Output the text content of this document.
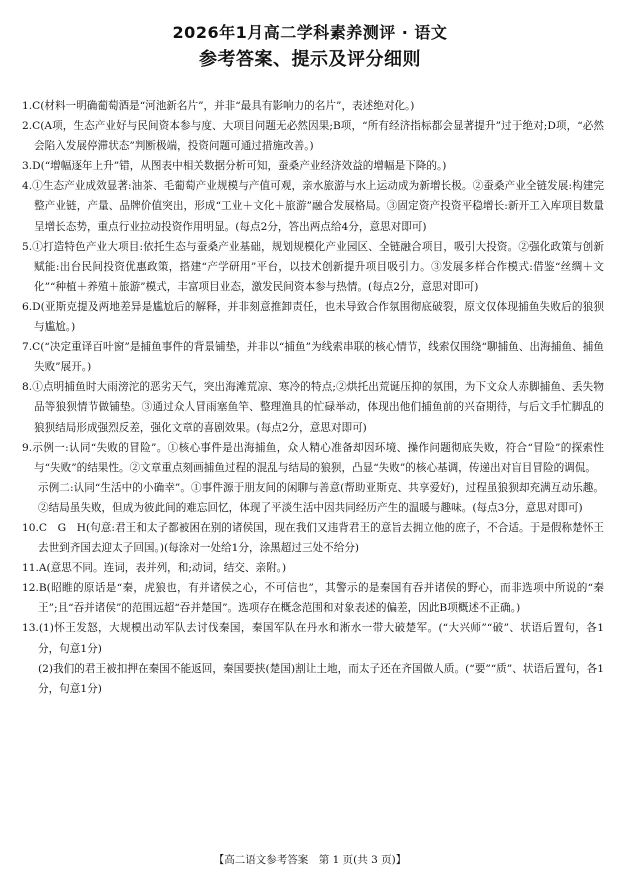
2026年1月高二学科素养测评 · 语文
参考答案、提示及评分细则

1.C(材料一明确葡萄酒是“河池新名片”，并非“最具有影响力的名片”，表述绝对化。)

2.C(A项，生态产业好与民间资本参与度、大项目问题无必然因果;B项，“所有经济指标都会显著提升”过于绝对;D项，“必然会陷入发展停滞状态”判断极端，投资问题可通过措施改善。)

3.D(“增幅逐年上升”错，从图表中相关数据分析可知，蚕桑产业经济效益的增幅是下降的。)

4.①生态产业成效显著:油茶、毛葡萄产业规模与产值可观，亲水旅游与水上运动成为新增长极。②蚕桑产业全链发展:构建完整产业链，产量、品牌价值突出，形成“工业＋文化＋旅游”融合发展格局。③固定资产投资平稳增长:新开工入库项目数量呈增长态势，重点行业拉动投资作用明显。(每点2分，答出两点给4分，意思对即可)

5.①打造特色产业大项目:依托生态与蚕桑产业基础，规划规模化产业园区、全链融合项目，吸引大投资。②强化政策与创新赋能:出台民间投资优惠政策，搭建“产学研用”平台，以技术创新提升项目吸引力。③发展多样合作模式:借鉴“丝绸＋文化”“种植＋养殖＋旅游”模式，丰富项目业态，激发民间资本参与热情。(每点2分，意思对即可)

6.D(亚斯克提及两地差异是尴尬后的解释，并非刻意推卸责任，也未导致合作氛围彻底破裂，原文仅体现捕鱼失败后的狼狈与尴尬。)

7.C(“决定重译百叶窗”是捕鱼事件的背景铺垫，并非以“捕鱼”为线索串联的核心情节，线索仅围绕“聊捕鱼、出海捕鱼、捕鱼失败”展开。)

8.①点明捕鱼时大雨滂沱的恶劣天气，突出海滩荒凉、寒冷的特点;②烘托出荒诞压抑的氛围，为下文众人赤脚捕鱼、丢失物品等狼狈情节做铺垫。③通过众人冒雨塞鱼竿、整理渔具的忙碌举动，体现出他们捕鱼前的兴奋期待，与后文手忙脚乱的狼狈结局形成强烈反差，强化文章的喜剧效果。(每点2分，意思对即可)

9.示例一:认同“失败的冒险”。①核心事件是出海捕鱼，众人精心准备却因环境、操作问题彻底失败，符合“冒险”的探索性与“失败”的结果性。②文章重点刻画捕鱼过程的混乱与结局的狼狈，凸显“失败”的核心基调，传递出对盲目冒险的调侃。

示例二:认同“生活中的小确幸”。①事件源于朋友间的闲聊与善意(帮助亚斯克、共享爱好)，过程虽狼狈却充满互动乐趣。②结局虽失败，但成为彼此间的难忘回忆，体现了平淡生活中因共同经历产生的温暖与趣味。(每点3分，意思对即可)

10.C　G　H(句意:君王和太子都被困在别的诸侯国，现在我们又违背君王的意旨去拥立他的庶子，不合适。于是假称楚怀王去世到齐国去迎太子回国。)(每涂对一处给1分，涂黑超过三处不给分)

11.A(意思不同。连词，表并列，和;动词，结交、亲附。)

12.B(昭睢的原话是“秦，虎狼也，有并诸侯之心，不可信也”，其警示的是秦国有吞并诸侯的野心，而非选项中所说的“秦王”;且“吞并诸侯”的范围远超“吞并楚国”。选项存在概念范围和对象表述的偏差，因此B项概述不正确。)

13.(1)怀王发怒，大规模出动军队去讨伐秦国，秦国军队在丹水和淅水一带大破楚军。(“大兴师”“破”、状语后置句，各1分，句意1分)

(2)我们的君王被扣押在秦国不能返回，秦国要挟(楚国)割让土地，而太子还在齐国做人质。(“要”“质”、状语后置句，各1分，句意1分)

【高二语文参考答案　第 1 页(共 3 页)】
